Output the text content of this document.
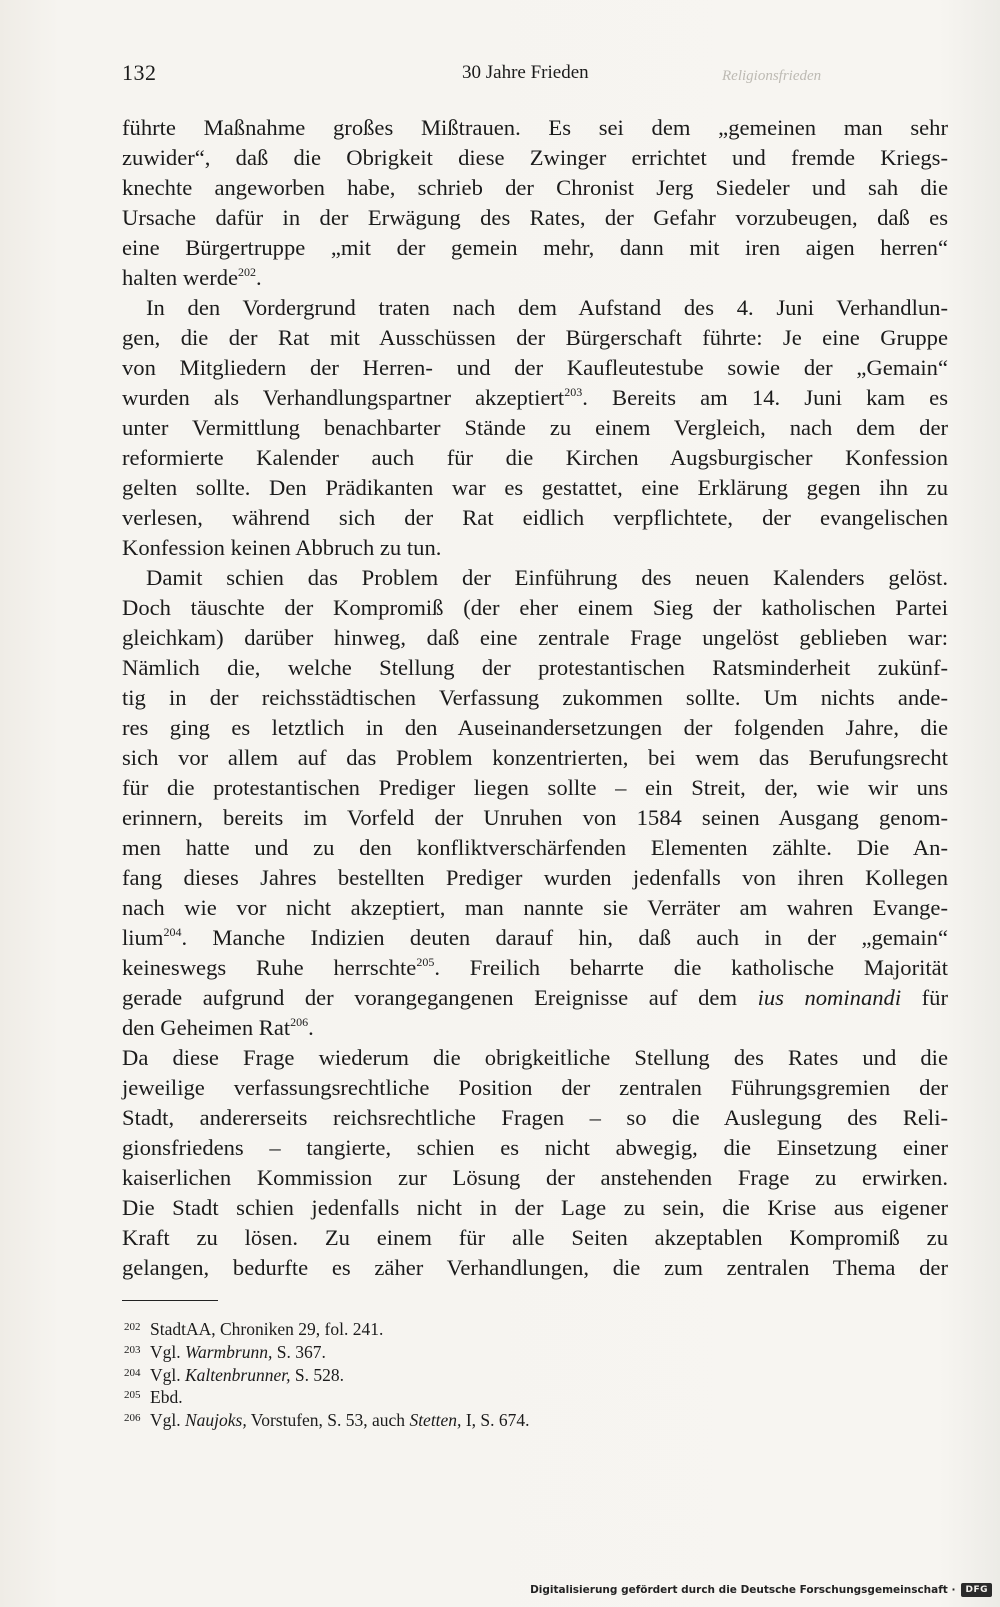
132	30 Jahre Frieden	Religionsfrieden
führte Maßnahme großes Mißtrauen. Es sei dem „gemeinen man sehr
zuwider“, daß die Obrigkeit diese Zwinger errichtet und fremde Kriegs-
knechte angeworben habe, schrieb der Chronist Jerg Siedeler und sah die
Ursache dafür in der Erwägung des Rates, der Gefahr vorzubeugen, daß es
eine Bürgertruppe „mit der gemein mehr, dann mit iren aigen herren“
halten werde$^{202}$.
In den Vordergrund traten nach dem Aufstand des 4. Juni Verhandlun-
gen, die der Rat mit Ausschüssen der Bürgerschaft führte: Je eine Gruppe
von Mitgliedern der Herren- und der Kaufleutestube sowie der „Gemain“
wurden als Verhandlungspartner akzeptiert$^{203}$. Bereits am 14. Juni kam es
unter Vermittlung benachbarter Stände zu einem Vergleich, nach dem der
reformierte Kalender auch für die Kirchen Augsburgischer Konfession
gelten sollte. Den Prädikanten war es gestattet, eine Erklärung gegen ihn zu
verlesen, während sich der Rat eidlich verpflichtete, der evangelischen
Konfession keinen Abbruch zu tun.
Damit schien das Problem der Einführung des neuen Kalenders gelöst.
Doch täuschte der Kompromiß (der eher einem Sieg der katholischen Partei
gleichkam) darüber hinweg, daß eine zentrale Frage ungelöst geblieben war:
Nämlich die, welche Stellung der protestantischen Ratsminderheit zukünf-
tig in der reichsstädtischen Verfassung zukommen sollte. Um nichts ande-
res ging es letztlich in den Auseinandersetzungen der folgenden Jahre, die
sich vor allem auf das Problem konzentrierten, bei wem das Berufungsrecht
für die protestantischen Prediger liegen sollte – ein Streit, der, wie wir uns
erinnern, bereits im Vorfeld der Unruhen von 1584 seinen Ausgang genom-
men hatte und zu den konfliktverschärfenden Elementen zählte. Die An-
fang dieses Jahres bestellten Prediger wurden jedenfalls von ihren Kollegen
nach wie vor nicht akzeptiert, man nannte sie Verräter am wahren Evange-
lium$^{204}$. Manche Indizien deuten darauf hin, daß auch in der „gemain“
keineswegs Ruhe herrschte$^{205}$. Freilich beharrte die katholische Majorität
gerade aufgrund der vorangegangenen Ereignisse auf dem ius nominandi für
den Geheimen Rat$^{206}$.
Da diese Frage wiederum die obrigkeitliche Stellung des Rates und die
jeweilige verfassungsrechtliche Position der zentralen Führungsgremien der
Stadt, andererseits reichsrechtliche Fragen – so die Auslegung des Reli-
gionsfriedens – tangierte, schien es nicht abwegig, die Einsetzung einer
kaiserlichen Kommission zur Lösung der anstehenden Frage zu erwirken.
Die Stadt schien jedenfalls nicht in der Lage zu sein, die Krise aus eigener
Kraft zu lösen. Zu einem für alle Seiten akzeptablen Kompromiß zu
gelangen, bedurfte es zäher Verhandlungen, die zum zentralen Thema der
202 StadtAA, Chroniken 29, fol. 241.
203 Vgl. Warmbrunn, S. 367.
204 Vgl. Kaltenbrunner, S. 528.
205 Ebd.
206 Vgl. Naujoks, Vorstufen, S. 53, auch Stetten, I, S. 674.
Digitalisierung gefördert durch die Deutsche Forschungsgemeinschaft ·	DFG
